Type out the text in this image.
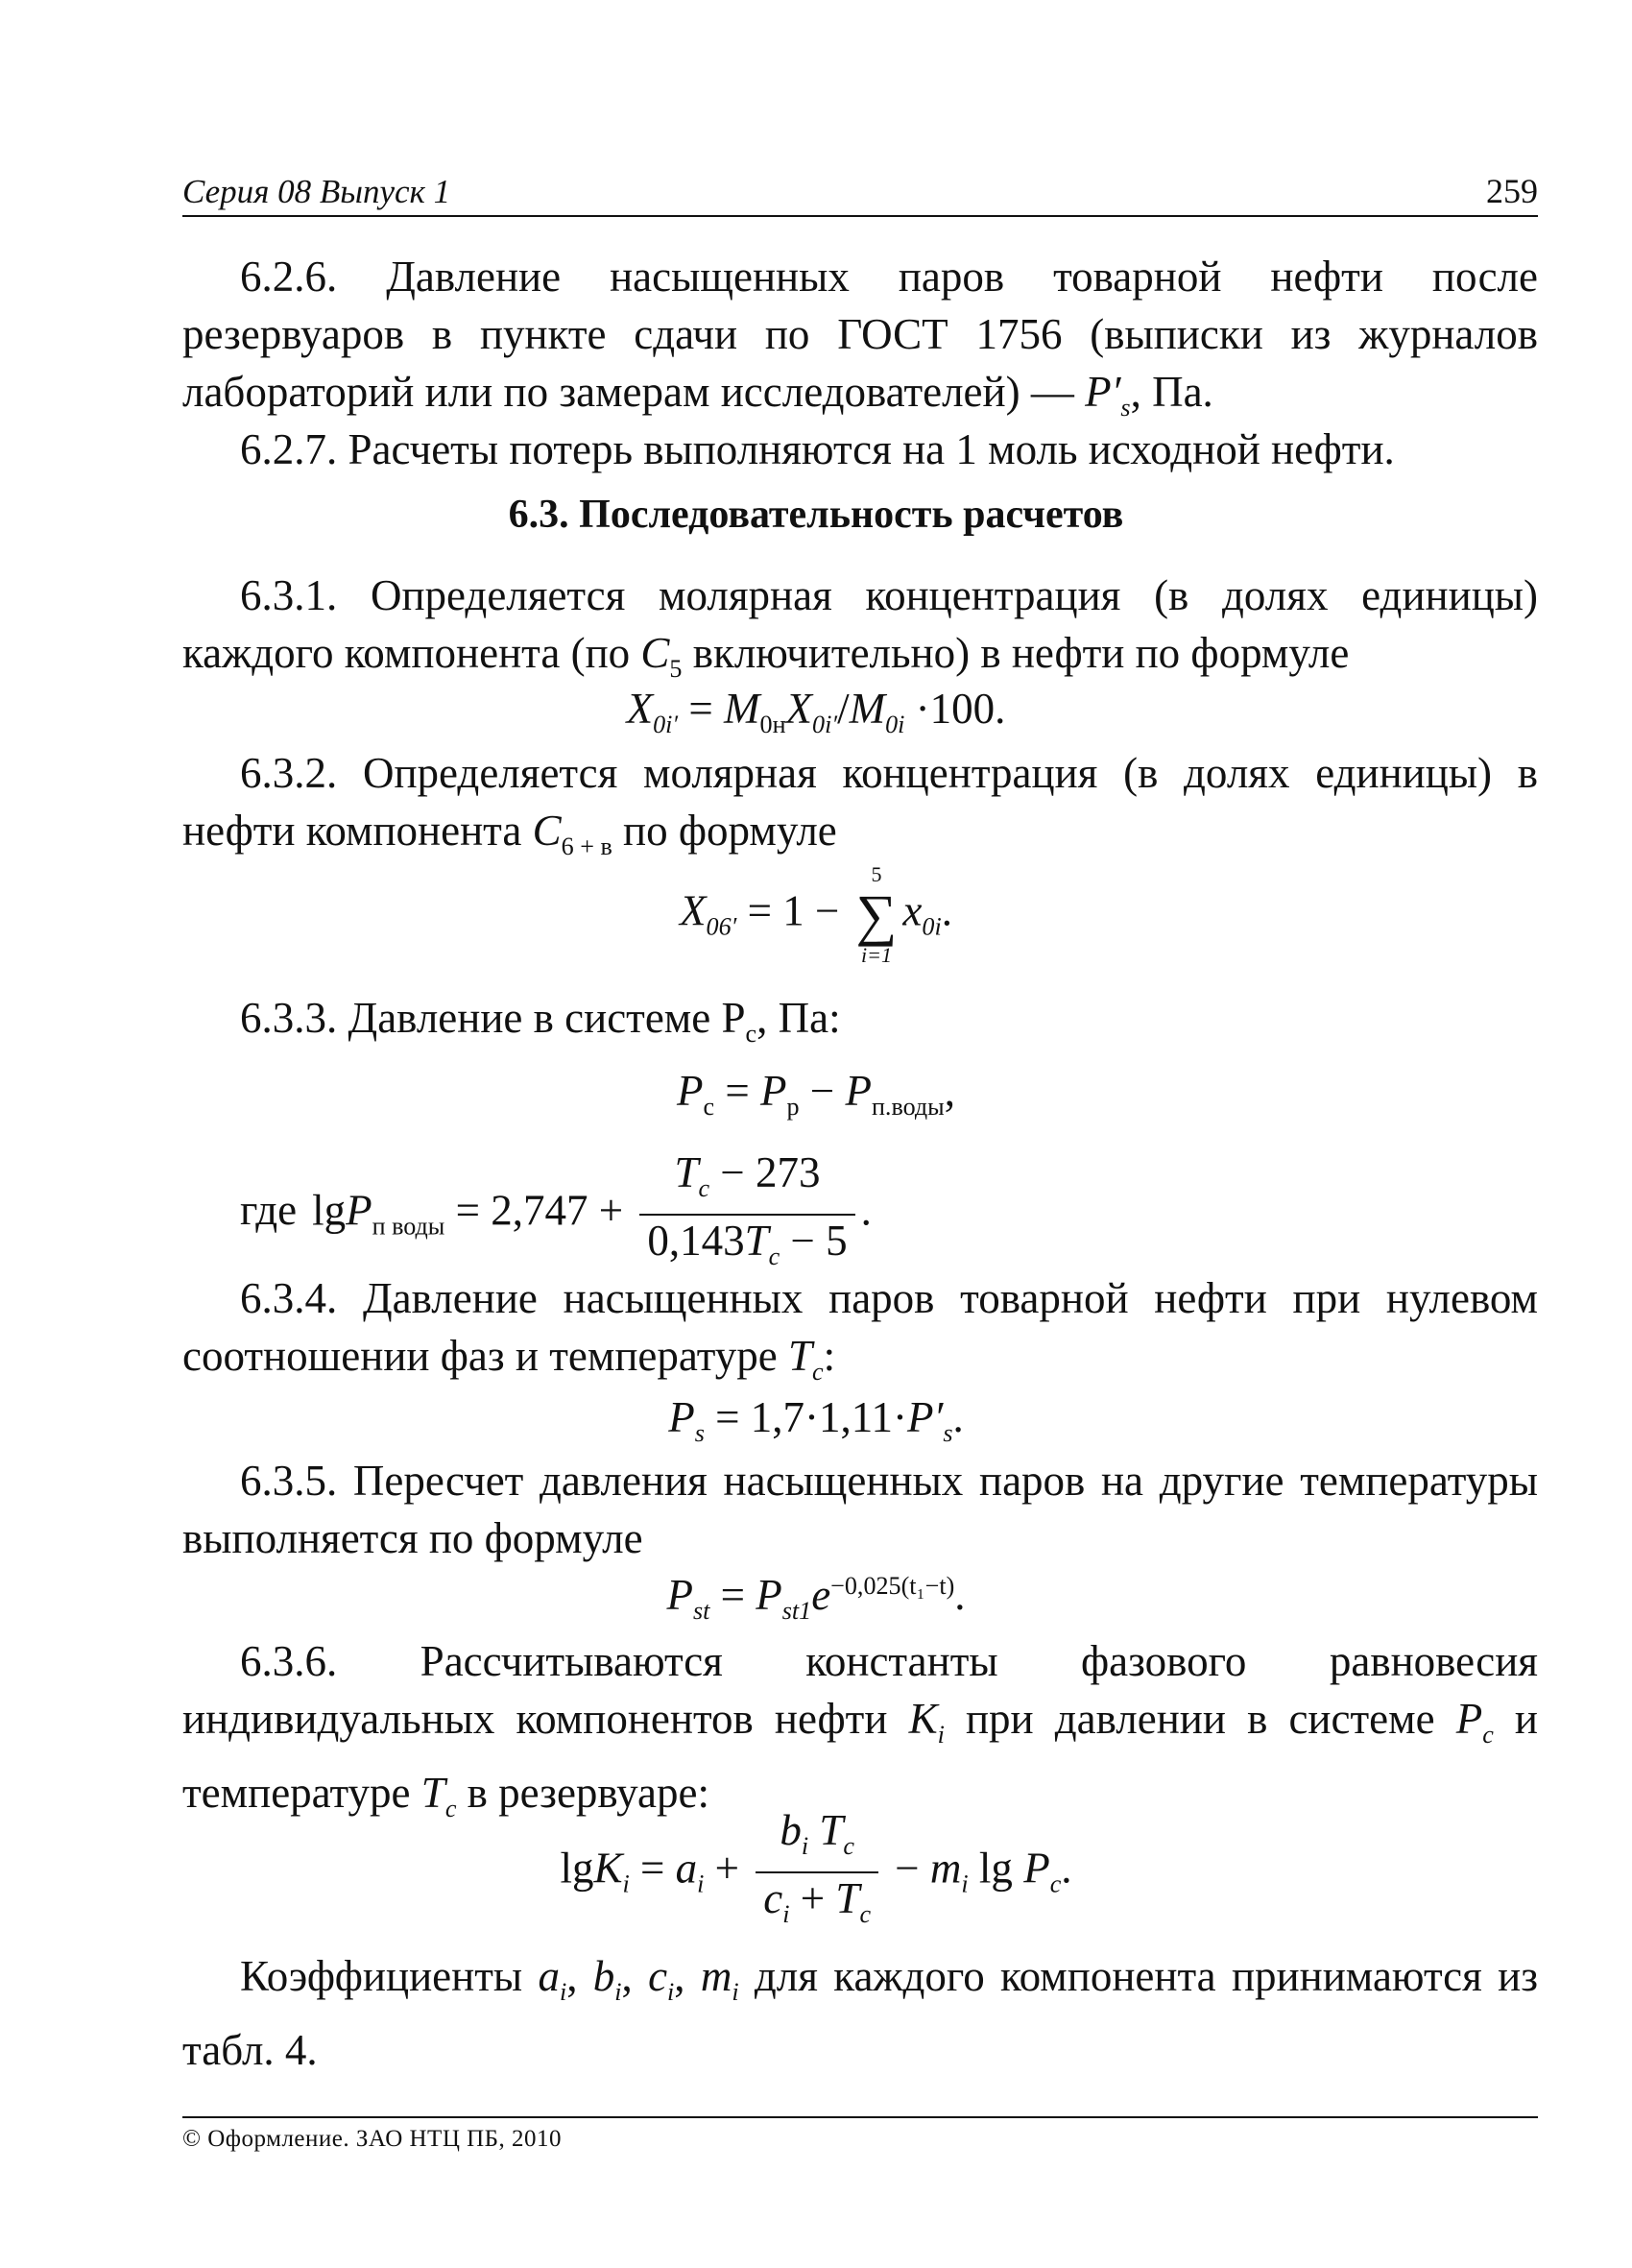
Серия 08 Выпуск 1	259

6.2.6. Давление насыщенных паров товарной нефти после резервуаров в пункте сдачи по ГОСТ 1756 (выписки из журналов лабораторий или по замерам исследователей) — $P'_s$, Па.

6.2.7. Расчеты потерь выполняются на 1 моль исходной нефти.

6.3. Последовательность расчетов

6.3.1. Определяется молярная концентрация (в долях единицы) каждого компонента (по $C_5$ включительно) в нефти по формуле

$X_{0i'} = M_{0н}X_{0i'}/M_{0i} \cdot 100$.

6.3.2. Определяется молярная концентрация (в долях единицы) в нефти компонента $C_{6 + в}$ по формуле

$X_{06'} = 1$ −
5
∑
i=1
$x_{0i}$.

6.3.3. Давление в системе $Р_с$, Па:

$P_с = P_р - P_{п.воды}$,
где $\lg P_{п воды} = 2,747 + \frac{T_c - 273}{0,143T_c - 5}$ .

6.3.4. Давление насыщенных паров товарной нефти при нулевом соотношении фаз и температуре $T_c$:

$P_s = 1,7\cdot 1,11\cdot P'_s$.

6.3.5. Пересчет давления насыщенных паров на другие температуры выполняется по формуле

$P_{st} = P_{st1}e^{-0,025(t_1-t)}$.

6.3.6. Рассчитываются константы фазового равновесия индивидуальных компонентов нефти $K_i$ при давлении в системе $P_c$ и температуре $T_c$ в резервуаре:

$\lg K_i = a_i + \frac{b_i T_c}{c_i + T_c} - m_i$ $\lg P_c$.

Коэффициенты $a_i$, $b_i$, $c_i$, $m_i$ для каждого компонента принимаются из табл. 4.

© Оформление. ЗАО НТЦ ПБ, 2010
